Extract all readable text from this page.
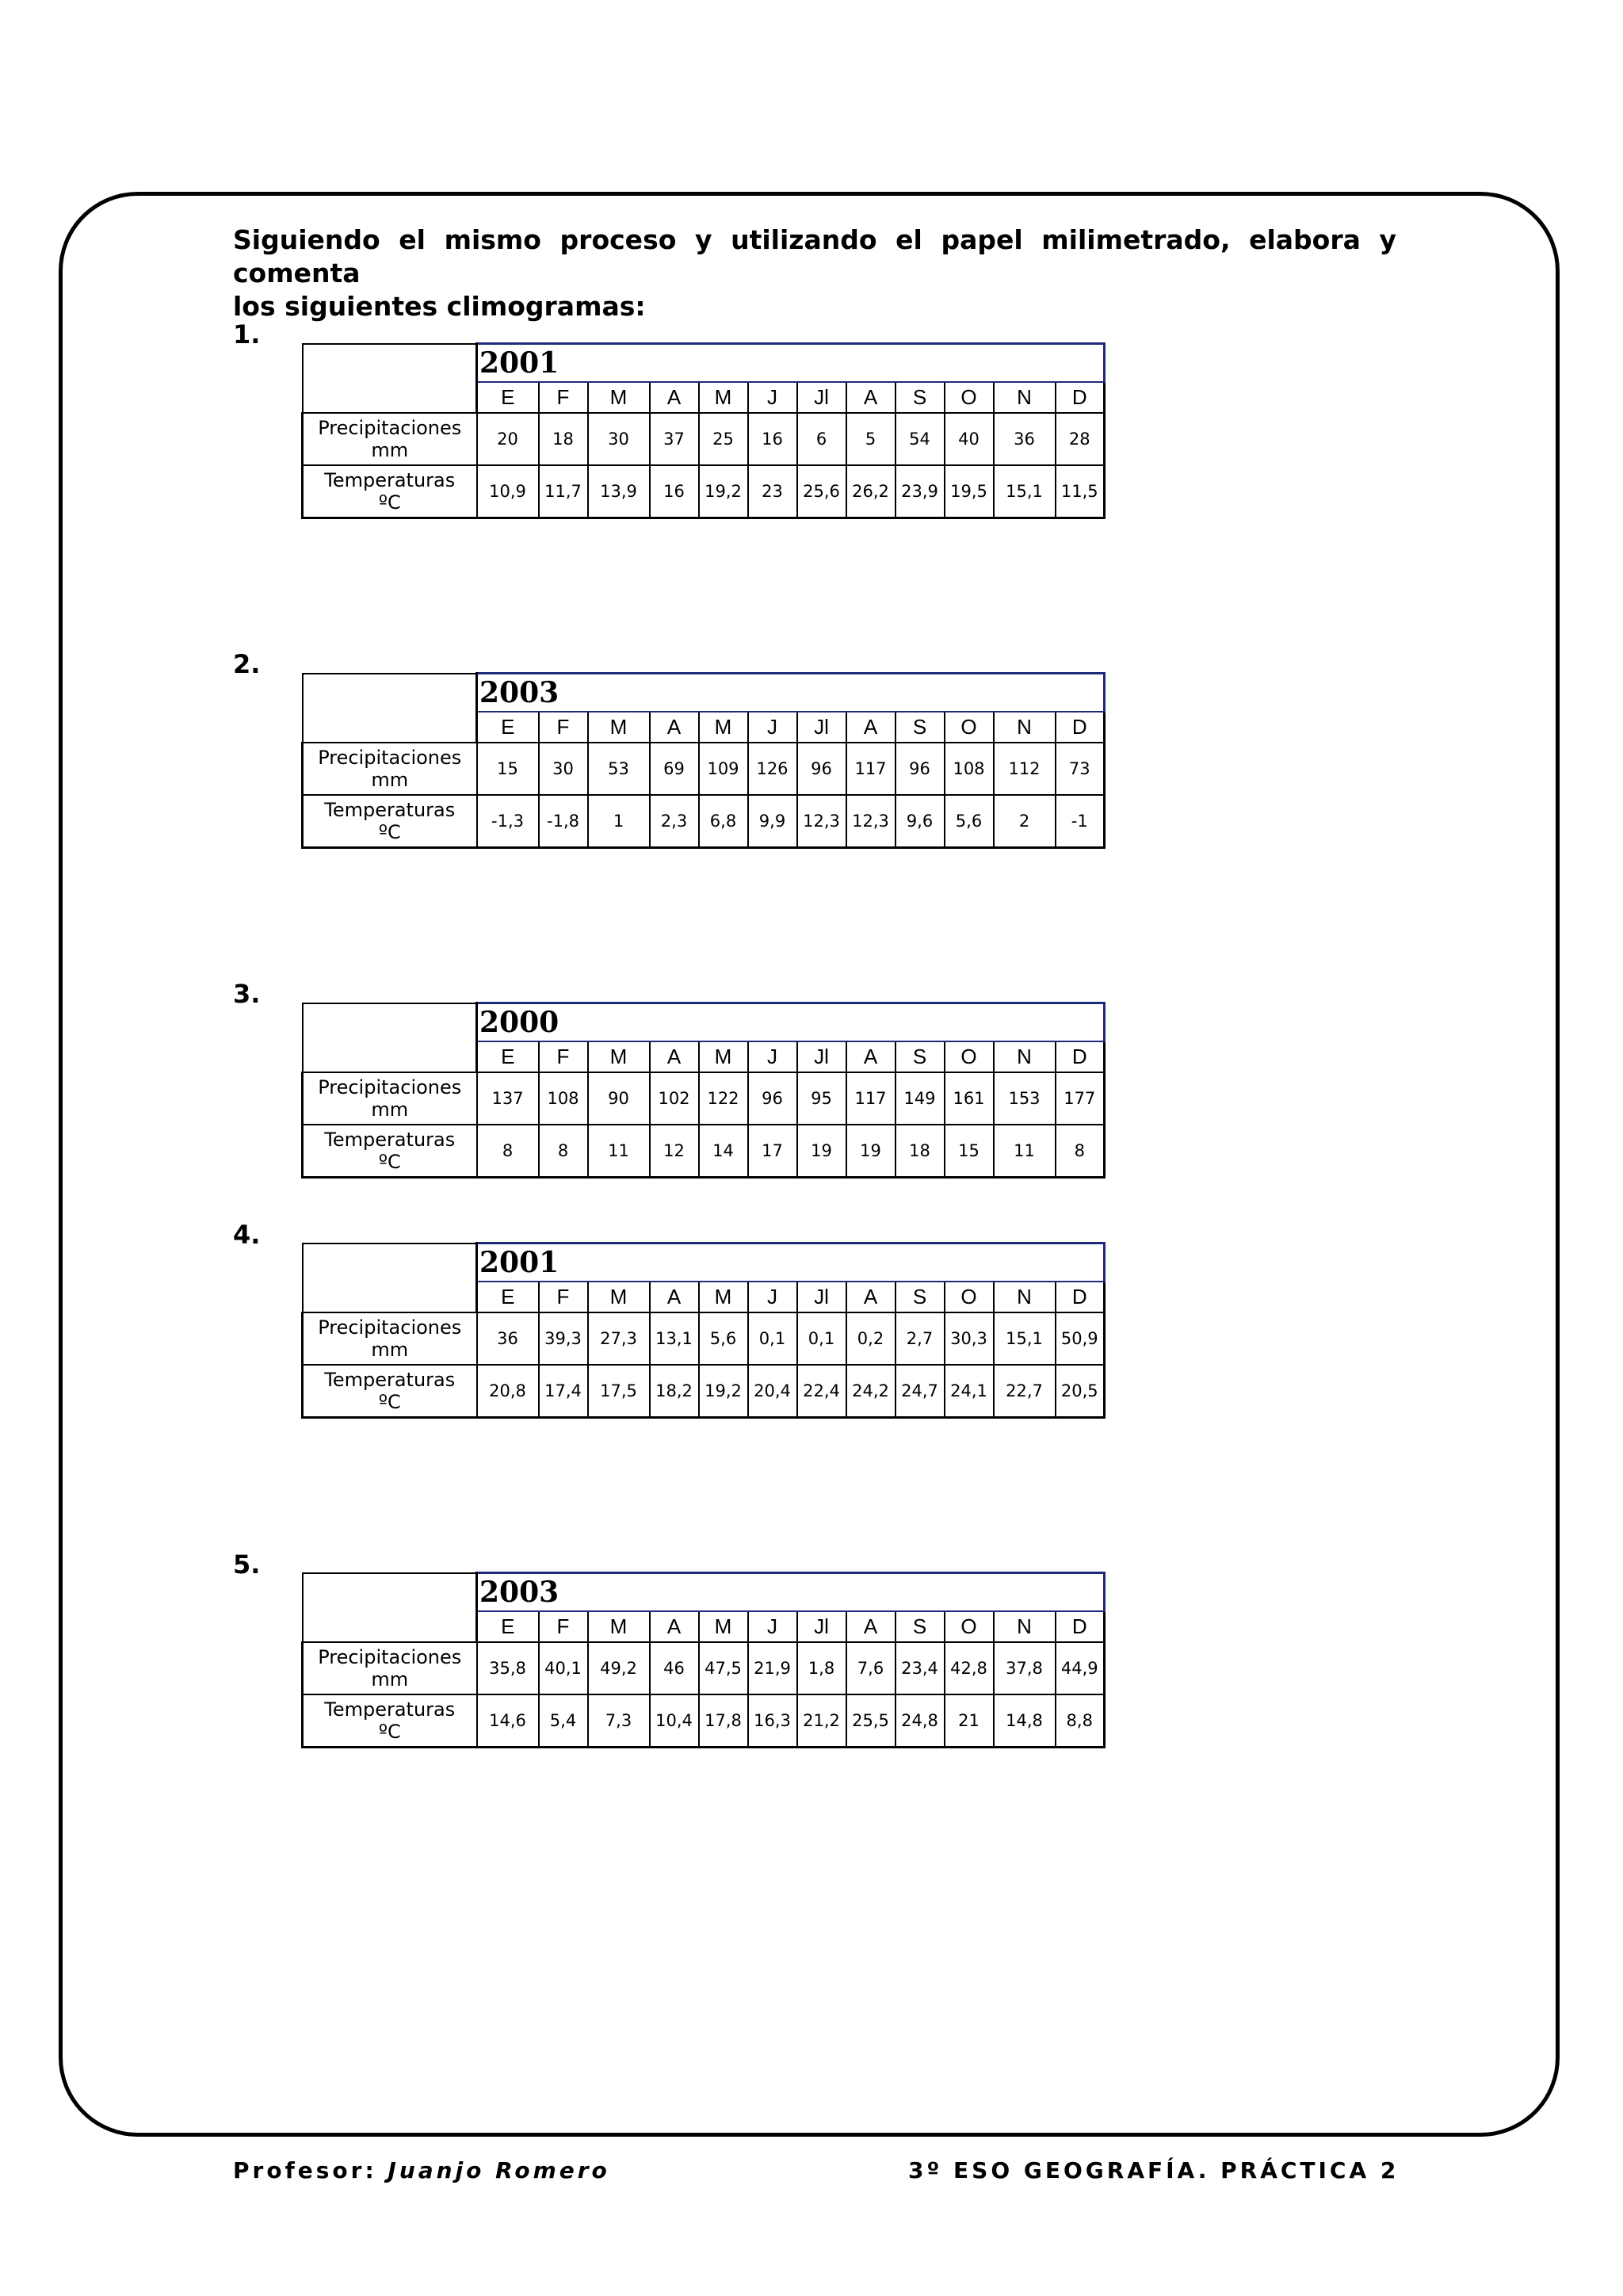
Siguiendo el mismo proceso y utilizando el papel milimetrado, elabora y comenta
los siguientes climogramas:
1.
	2001											
	E	F	M	A	M	J	Jl	A	S	O	N	D

Precipitaciones
mm	20	18	30	37	25	16	6	5	54	40	36	28

Temperaturas
ºC	10,9	11,7	13,9	16	19,2	23	25,6	26,2	23,9	19,5	15,1	11,5
2.
	2003											
	E	F	M	A	M	J	Jl	A	S	O	N	D

Precipitaciones
mm	15	30	53	69	109	126	96	117	96	108	112	73

Temperaturas
ºC	-1,3	-1,8	1	2,3	6,8	9,9	12,3	12,3	9,6	5,6	2	-1
3.
	2000											
	E	F	M	A	M	J	Jl	A	S	O	N	D

Precipitaciones
mm	137	108	90	102	122	96	95	117	149	161	153	177

Temperaturas
ºC	8	8	11	12	14	17	19	19	18	15	11	8
4.
	2001											
	E	F	M	A	M	J	Jl	A	S	O	N	D

Precipitaciones
mm	36	39,3	27,3	13,1	5,6	0,1	0,1	0,2	2,7	30,3	15,1	50,9

Temperaturas
ºC	20,8	17,4	17,5	18,2	19,2	20,4	22,4	24,2	24,7	24,1	22,7	20,5
5.
	2003											
	E	F	M	A	M	J	Jl	A	S	O	N	D

Precipitaciones
mm	35,8	40,1	49,2	46	47,5	21,9	1,8	7,6	23,4	42,8	37,8	44,9

Temperaturas
ºC	14,6	5,4	7,3	10,4	17,8	16,3	21,2	25,5	24,8	21	14,8	8,8
Profesor: Juanjo Romero	3º ESO GEOGRAFÍA. PRÁCTICA 2
